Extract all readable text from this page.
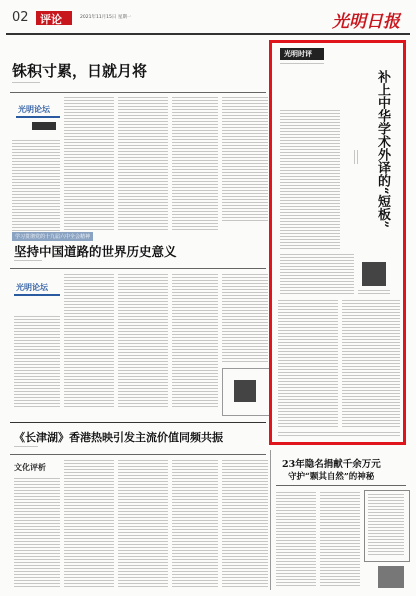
02 评论	2021年11月15日 星期一	光明日报
铢积寸累，日就月将
光明论坛
学习贯彻党的十九届六中全会精神
坚持中国道路的世界历史意义
光明论坛
《长津湖》香港热映引发主流价值同频共振
文化评析
光明时评
补上中华学术外译的“短板”
23年隐名捐献千余万元
守护“颗其自然”的神秘
